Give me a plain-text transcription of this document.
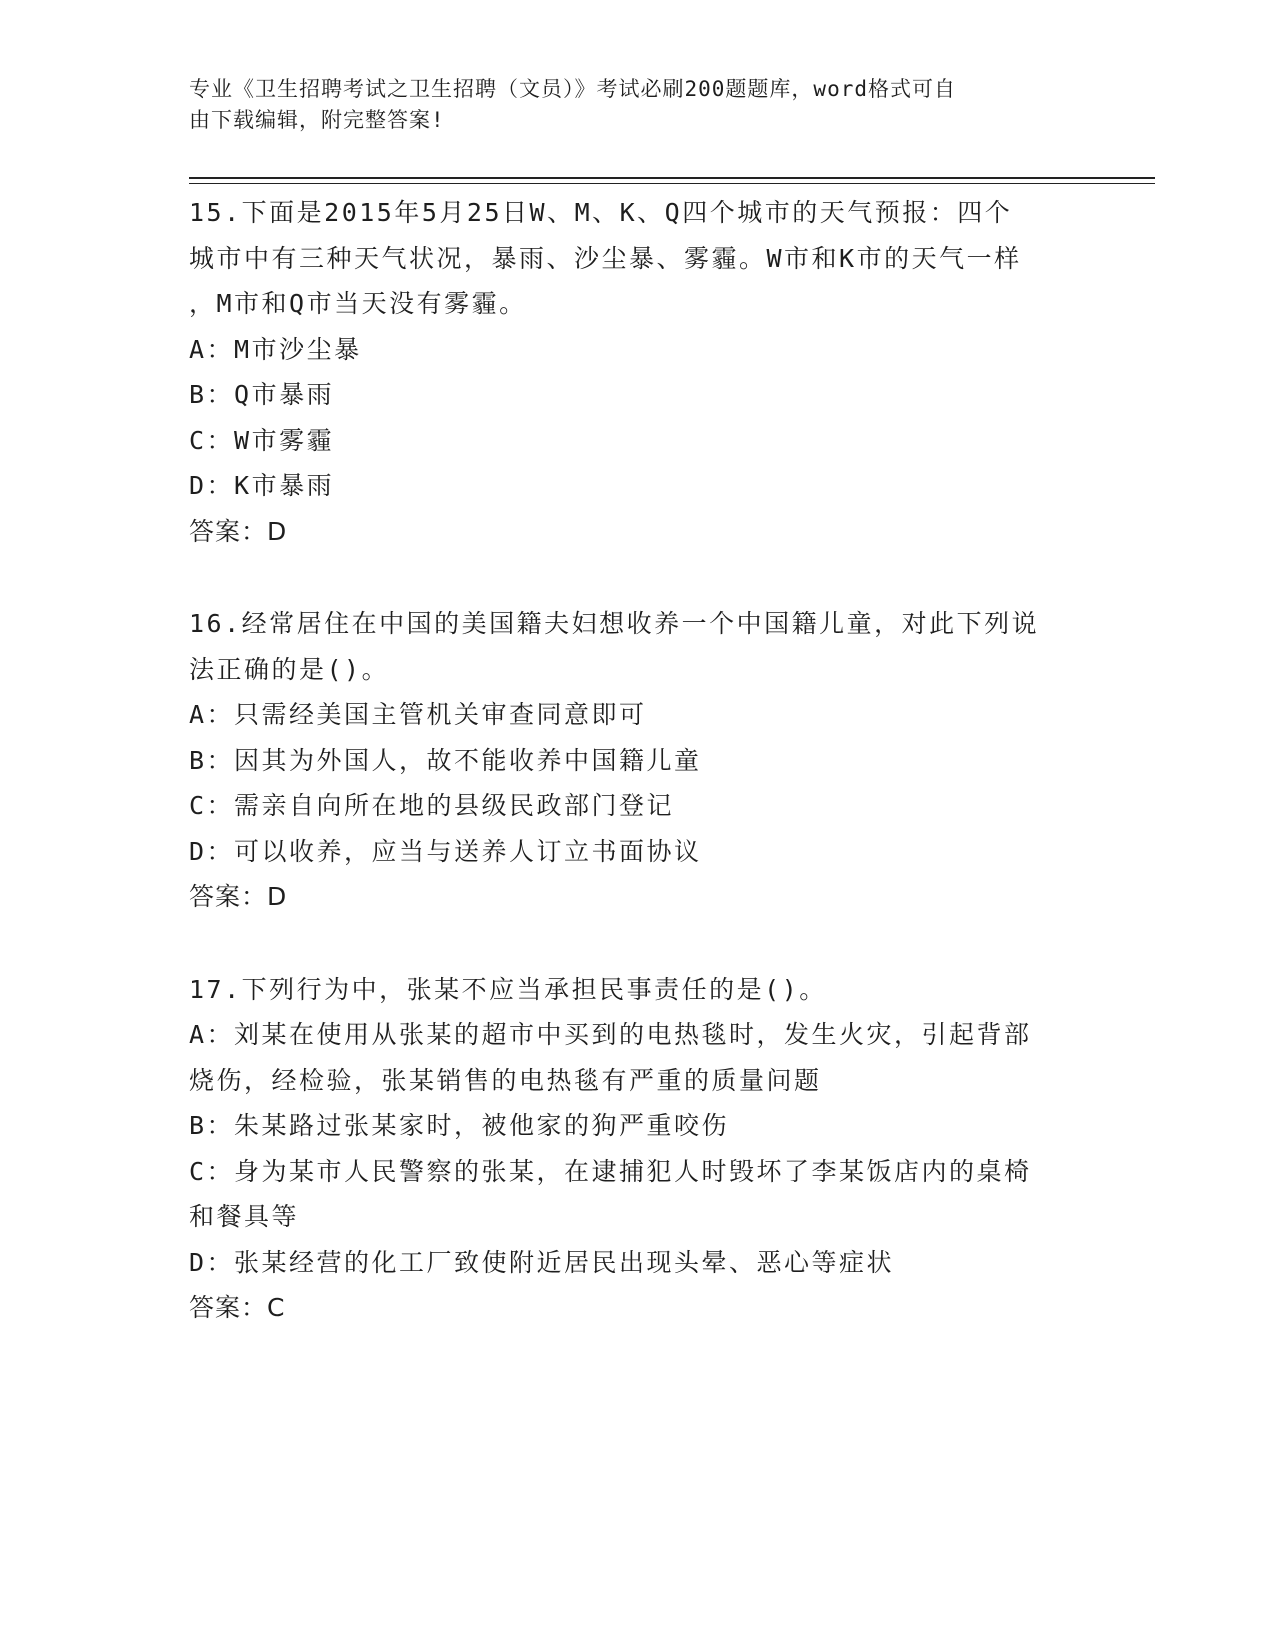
专业《卫生招聘考试之卫生招聘（文员）》考试必刷200题题库，word格式可自
由下载编辑，附完整答案!
15.下面是2015年5月25日W、M、K、Q四个城市的天气预报：四个
城市中有三种天气状况，暴雨、沙尘暴、雾霾。W市和K市的天气一样
，M市和Q市当天没有雾霾。
A：M市沙尘暴
B：Q市暴雨
C：W市雾霾
D：K市暴雨
答案：D
16.经常居住在中国的美国籍夫妇想收养一个中国籍儿童，对此下列说
法正确的是()。
A：只需经美国主管机关审查同意即可
B：因其为外国人，故不能收养中国籍儿童
C：需亲自向所在地的县级民政部门登记
D：可以收养，应当与送养人订立书面协议
答案：D
17.下列行为中，张某不应当承担民事责任的是()。
A：刘某在使用从张某的超市中买到的电热毯时，发生火灾，引起背部
烧伤，经检验，张某销售的电热毯有严重的质量问题
B：朱某路过张某家时，被他家的狗严重咬伤
C：身为某市人民警察的张某，在逮捕犯人时毁坏了李某饭店内的桌椅
和餐具等
D：张某经营的化工厂致使附近居民出现头晕、恶心等症状
答案：C
